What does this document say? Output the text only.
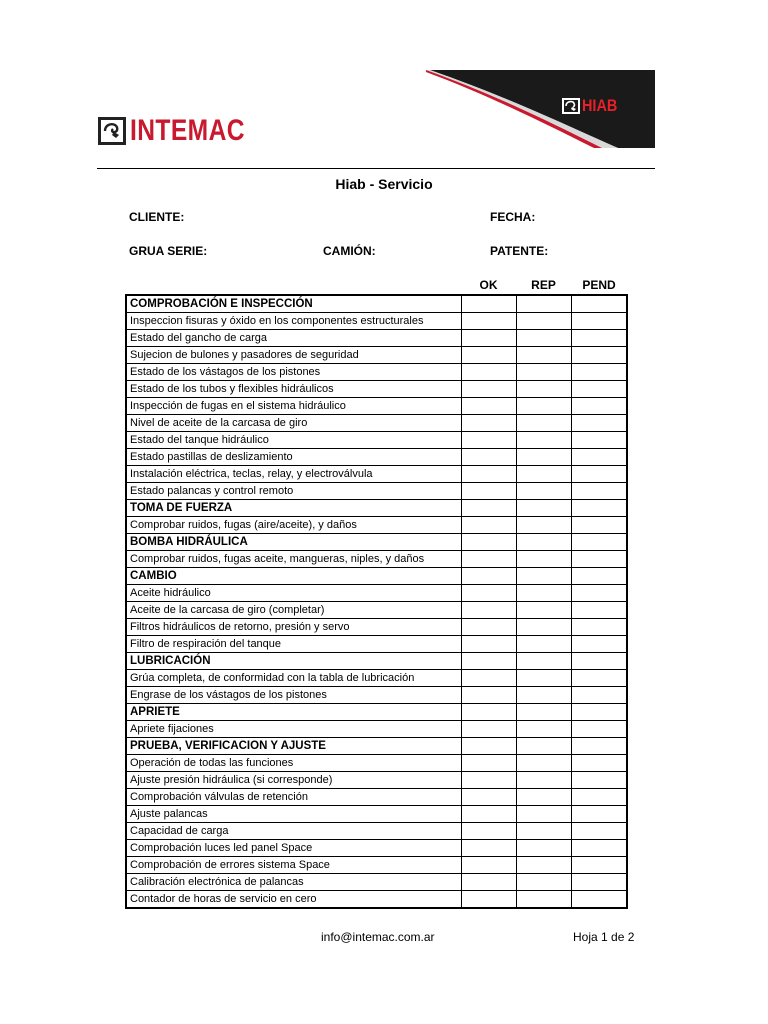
INTEMAC
HIAB
Hiab - Servicio
CLIENTE:	FECHA:
GRUA SERIE:	CAMIÓN:	PATENTE:
OK	REP	PEND
COMPROBACIÓN E INSPECCIÓN			
Inspeccion fisuras y óxido en los componentes estructurales			
Estado del gancho de carga			
Sujecion de bulones y pasadores de seguridad			
Estado de los vástagos de los pistones			
Estado de los tubos y flexibles hidráulicos			
Inspección de fugas en el sistema hidráulico			
Nivel de aceite de la carcasa de giro			
Estado del tanque hidráulico			
Estado pastillas de deslizamiento			
Instalación eléctrica, teclas, relay, y electroválvula			
Estado palancas y control remoto			
TOMA DE FUERZA			
Comprobar ruidos, fugas (aire/aceite), y daños			
BOMBA HIDRÁULICA			
Comprobar ruidos, fugas aceite, mangueras, niples, y daños			
CAMBIO			
Aceite hidráulico			
Aceite de la carcasa de giro (completar)			
Filtros hidráulicos de retorno, presión y servo			
Filtro de respiración del tanque			
LUBRICACIÓN			
Grúa completa, de conformidad con la tabla de lubricación			
Engrase de los vástagos de los pistones			
APRIETE			
Apriete fijaciones			
PRUEBA, VERIFICACION Y AJUSTE			
Operación de todas las funciones			
Ajuste presión hidráulica (si corresponde)			
Comprobación válvulas de retención			
Ajuste palancas			
Capacidad de carga			
Comprobación luces led panel Space			
Comprobación de errores sistema Space			
Calibración electrónica de palancas			
Contador de horas de servicio en cero			
info@intemac.com.ar	Hoja 1 de 2
